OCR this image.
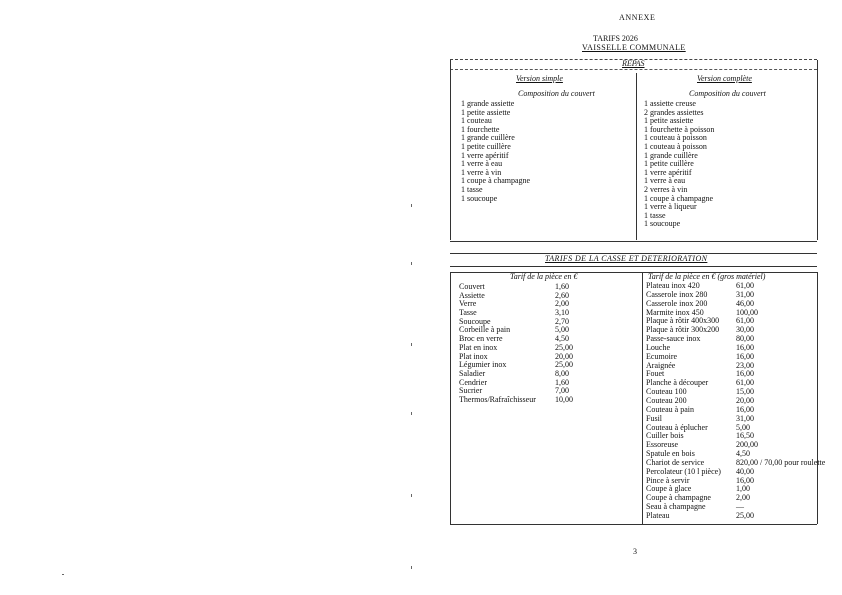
ANNEXE
TARIFS 2026
VAISSELLE COMMUNALE
REPAS
Version simple
Composition du couvert
Version complète
Composition du couvert
1 grande assiette
1 petite assiette
1 couteau
1 fourchette
1 grande cuillère
1 petite cuillère
1 verre apéritif
1 verre à eau
1 verre à vin
1 coupe à champagne
1 tasse
1 soucoupe
1 assiette creuse
2 grandes assiettes
1 petite assiette
1 fourchette à poisson
1 couteau à poisson
1 couteau à poisson
1 grande cuillère
1 petite cuillère
1 verre apéritif
1 verre à eau
2 verres à vin
1 coupe à champagne
1 verre à liqueur
1 tasse
1 soucoupe
TARIFS DE LA CASSE ET DETERIORATION
Tarif de la pièce en €	Tarif de la pièce en € (gros matériel)
Couvert	1,60
Assiette	2,60
Verre	2,00
Tasse	3,10
Soucoupe	2,70
Corbeille à pain	5,00
Broc en verre	4,50
Plat en inox	25,00
Plat inox	20,00
Légumier inox	25,00
Saladier	8,00
Cendrier	1,60
Sucrier	7,00
Thermos/Rafraîchisseur 10,00
Plateau inox 420	61,00
Casserole inox 280	31,00
Casserole inox 200	46,00
Marmite inox 450	100,00
Plaque à rôtir 400x300 61,00
Plaque à rôtir 300x200 30,00
Passe-sauce inox	80,00
Louche	16,00
Ecumoire	16,00
Araignée	23,00
Fouet	16,00
Planche à découper	61,00
Couteau 100	15,00
Couteau 200	20,00
Couteau à pain	16,00
Fusil	31,00
Couteau à éplucher	5,00
Cuiller bois	16,50
Essoreuse	200,00
Spatule en bois	4,50
Chariot de service	820,00 / 70,00 pour roulette
Percolateur (10 l pièce) 40,00
Pince à servir	16,00
Coupe à glace	1,00
Coupe à champagne	2,00
Seau à champagne	—
Plateau	25,00
3
